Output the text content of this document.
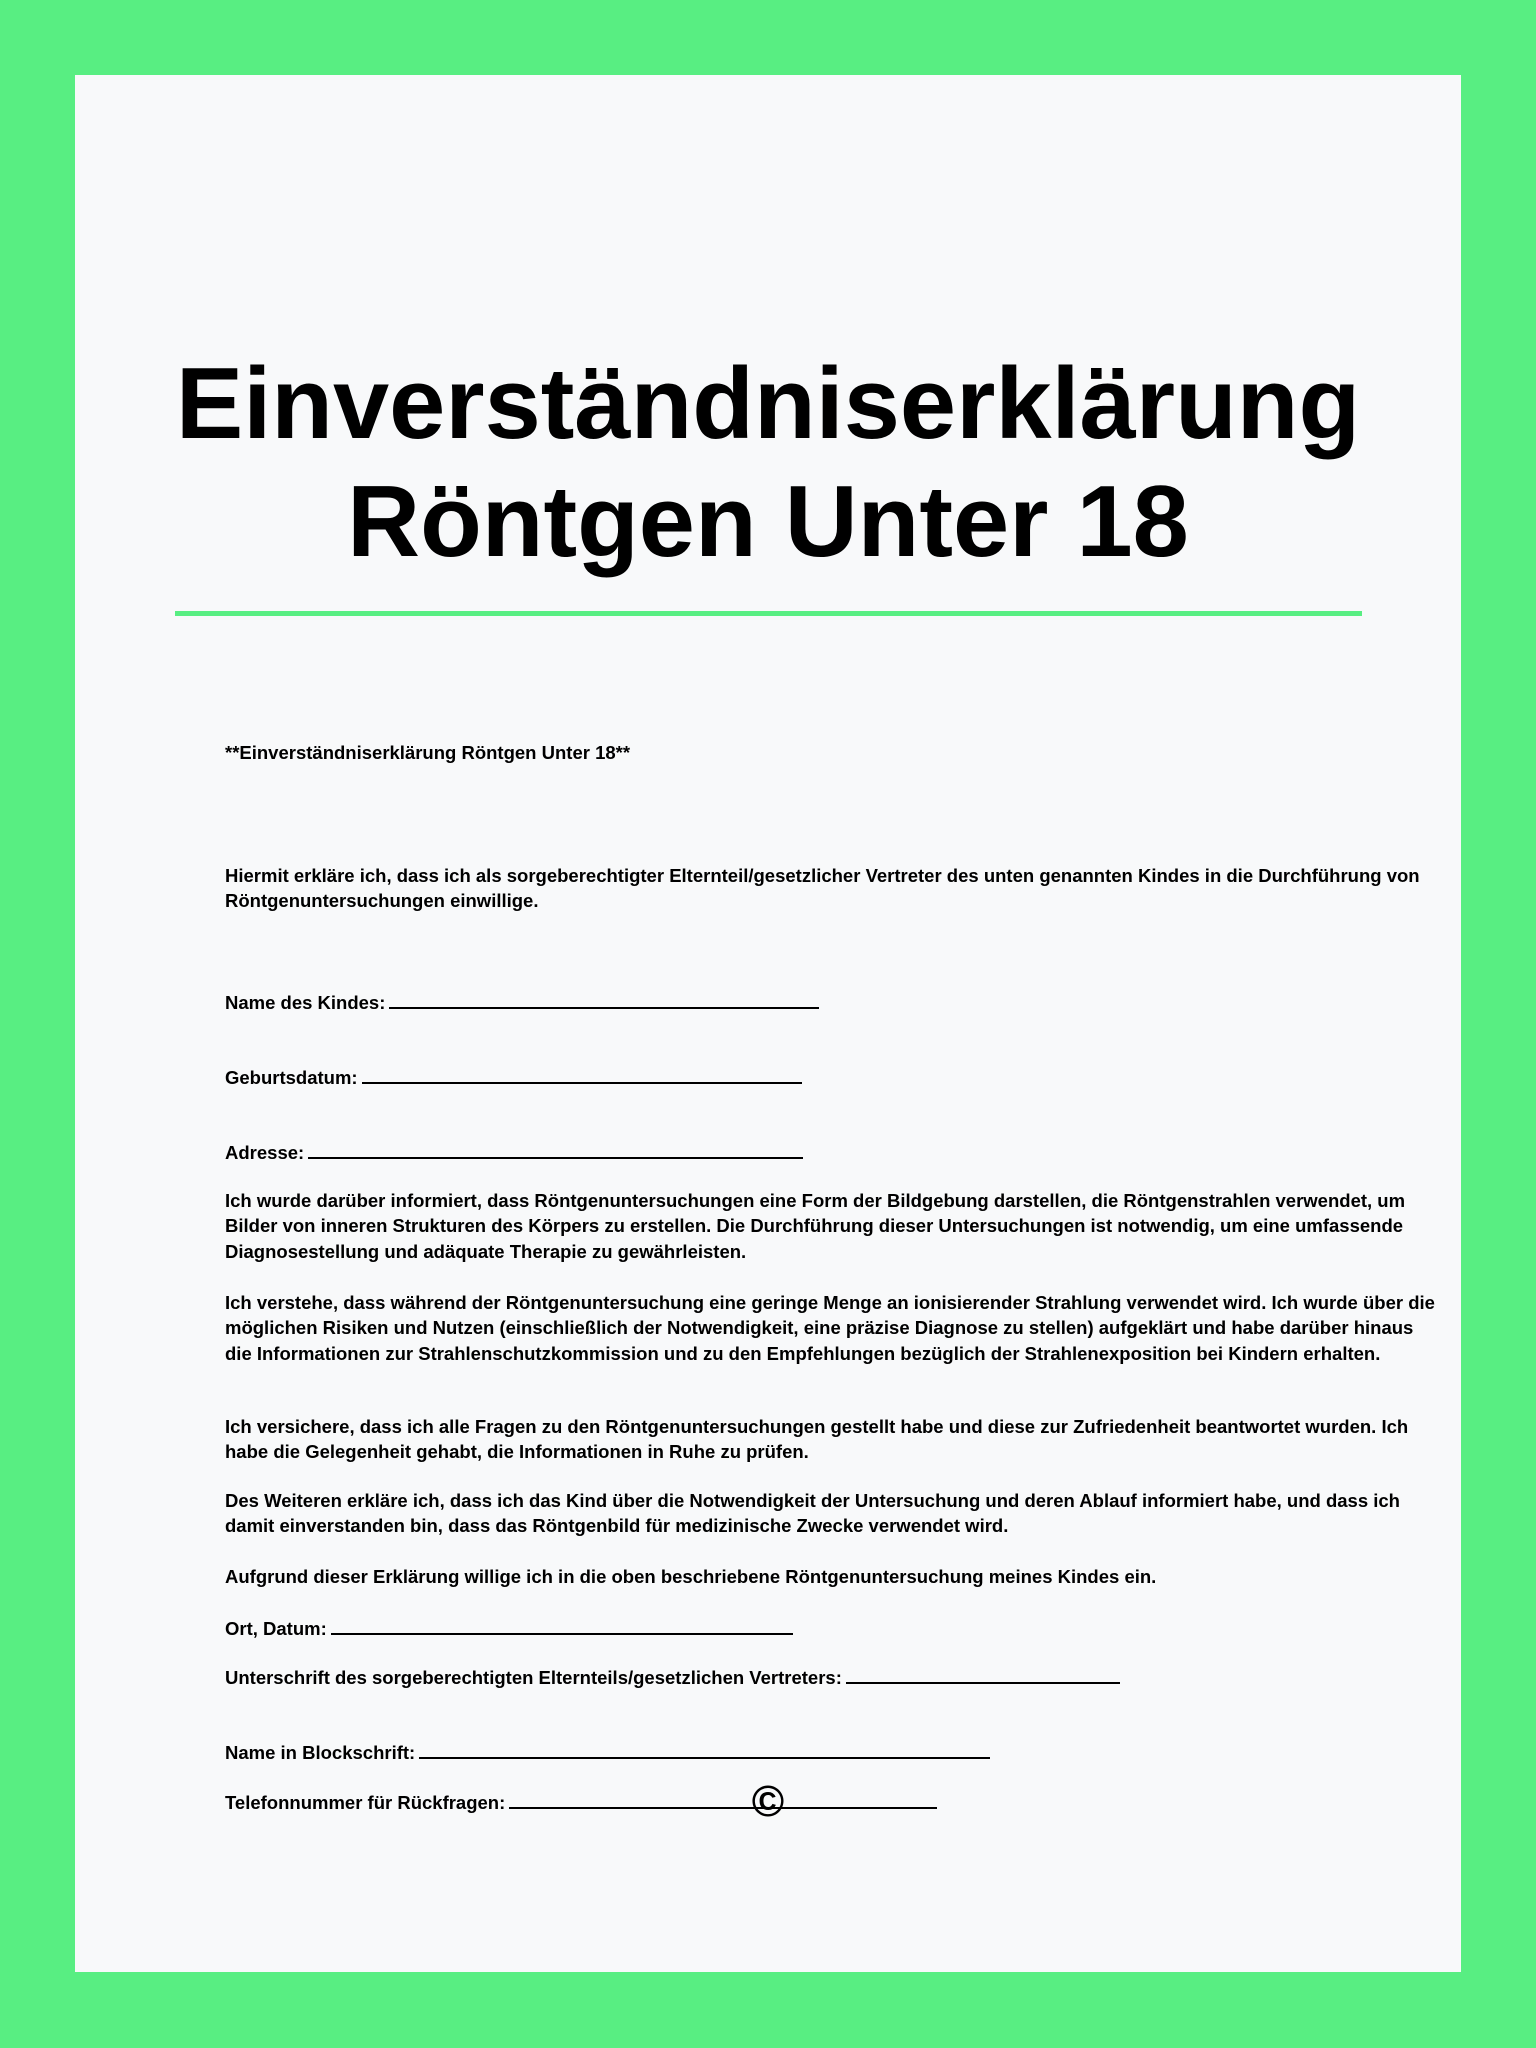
Einverständniserklärung
Röntgen Unter 18

**Einverständniserklärung Röntgen Unter 18**

Hiermit erkläre ich, dass ich als sorgeberechtigter Elternteil/gesetzlicher Vertreter des unten genannten Kindes in die Durchführung von Röntgenuntersuchungen einwillige.

Name des Kindes:

Geburtsdatum:

Adresse:

Ich wurde darüber informiert, dass Röntgenuntersuchungen eine Form der Bildgebung darstellen, die Röntgenstrahlen verwendet, um Bilder von inneren Strukturen des Körpers zu erstellen. Die Durchführung dieser Untersuchungen ist notwendig, um eine umfassende Diagnosestellung und adäquate Therapie zu gewährleisten.

Ich verstehe, dass während der Röntgenuntersuchung eine geringe Menge an ionisierender Strahlung verwendet wird. Ich wurde über die möglichen Risiken und Nutzen (einschließlich der Notwendigkeit, eine präzise Diagnose zu stellen) aufgeklärt und habe darüber hinaus die Informationen zur Strahlenschutzkommission und zu den Empfehlungen bezüglich der Strahlenexposition bei Kindern erhalten.

Ich versichere, dass ich alle Fragen zu den Röntgenuntersuchungen gestellt habe und diese zur Zufriedenheit beantwortet wurden. Ich habe die Gelegenheit gehabt, die Informationen in Ruhe zu prüfen.

Des Weiteren erkläre ich, dass ich das Kind über die Notwendigkeit der Untersuchung und deren Ablauf informiert habe, und dass ich damit einverstanden bin, dass das Röntgenbild für medizinische Zwecke verwendet wird.

Aufgrund dieser Erklärung willige ich in die oben beschriebene Röntgenuntersuchung meines Kindes ein.

Ort, Datum:

Unterschrift des sorgeberechtigten Elternteils/gesetzlichen Vertreters:

Name in Blockschrift:

Telefonnummer für Rückfragen:	©
